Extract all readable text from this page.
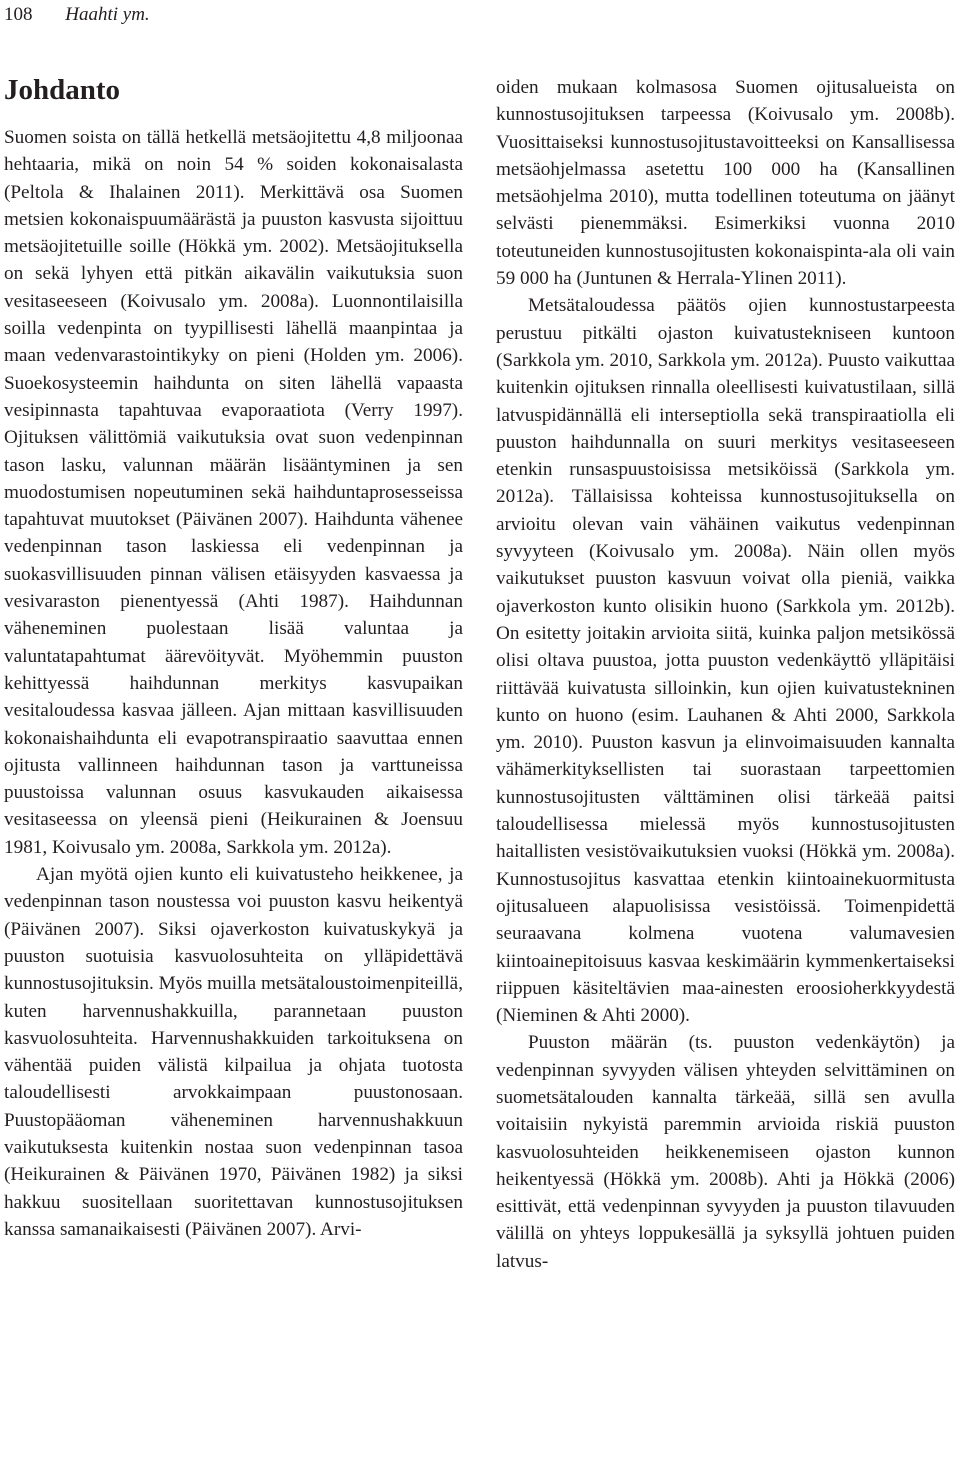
108 Haahti ym.
Johdanto

Suomen soista on tällä hetkellä metsäojitettu 4,8 miljoonaa hehtaaria, mikä on noin 54 % soiden kokonaisalasta (Peltola & Ihalainen 2011). Merkittävä osa Suomen metsien kokonaispuumäärästä ja puuston kasvusta sijoittuu metsäojitetuille soille (Hökkä ym. 2002). Metsäojituksella on sekä lyhyen että pitkän aikavälin vaikutuksia suon vesitaseeseen (Koivusalo ym. 2008a). Luonnontilaisilla soilla vedenpinta on tyypillisesti lähellä maanpintaa ja maan vedenvarastointikyky on pieni (Holden ym. 2006). Suoekosysteemin haihdunta on siten lähellä vapaasta vesipinnasta tapahtuvaa evaporaatiota (Verry 1997). Ojituksen välittömiä vaikutuksia ovat suon vedenpinnan tason lasku, valunnan määrän lisääntyminen ja sen muodostumisen nopeutuminen sekä haihduntaprosesseissa tapahtuvat muutokset (Päivänen 2007). Haihdunta vähenee vedenpinnan tason laskiessa eli vedenpinnan ja suokasvillisuuden pinnan välisen etäisyyden kasvaessa ja vesivaraston pienentyessä (Ahti 1987). Haihdunnan väheneminen puolestaan lisää valuntaa ja valuntatapahtumat äärevöityvät. Myöhemmin puuston kehittyessä haihdunnan merkitys kasvupaikan vesitaloudessa kasvaa jälleen. Ajan mittaan kasvillisuuden kokonaishaihdunta eli evapotranspiraatio saavuttaa ennen ojitusta vallinneen haihdunnan tason ja varttuneissa puustoissa valunnan osuus kasvukauden aikaisessa vesitaseessa on yleensä pieni (Heikurainen & Joensuu 1981, Koivusalo ym. 2008a, Sarkkola ym. 2012a).

Ajan myötä ojien kunto eli kuivatusteho heikkenee, ja vedenpinnan tason noustessa voi puuston kasvu heikentyä (Päivänen 2007). Siksi ojaverkoston kuivatuskykyä ja puuston suotuisia kasvuolosuhteita on ylläpidettävä kunnostusojituksin. Myös muilla metsätaloustoimenpiteillä, kuten harvennushakkuilla, parannetaan puuston kasvuolosuhteita. Harvennushakkuiden tarkoituksena on vähentää puiden välistä kilpailua ja ohjata tuotosta taloudellisesti arvokkaimpaan puustonosaan. Puustopääoman väheneminen harvennushakkuun vaikutuksesta kuitenkin nostaa suon vedenpinnan tasoa (Heikurainen & Päivänen 1970, Päivänen 1982) ja siksi hakkuu suositellaan suoritettavan kunnostusojituksen kanssa samanaikaisesti (Päivänen 2007). Arvi-

oiden mukaan kolmasosa Suomen ojitusalueista on kunnostusojituksen tarpeessa (Koivusalo ym. 2008b). Vuosittaiseksi kunnostusojitustavoitteeksi on Kansallisessa metsäohjelmassa asetettu 100 000 ha (Kansallinen metsäohjelma 2010), mutta todellinen toteutuma on jäänyt selvästi pienemmäksi. Esimerkiksi vuonna 2010 toteutuneiden kunnostusojitusten kokonaispinta-ala oli vain 59 000 ha (Juntunen & Herrala-Ylinen 2011).

Metsätaloudessa päätös ojien kunnostustarpeesta perustuu pitkälti ojaston kuivatustekniseen kuntoon (Sarkkola ym. 2010, Sarkkola ym. 2012a). Puusto vaikuttaa kuitenkin ojituksen rinnalla oleellisesti kuivatustilaan, sillä latvuspidännällä eli interseptiolla sekä transpiraatiolla eli puuston haihdunnalla on suuri merkitys vesitaseeseen etenkin runsaspuustoisissa metsiköissä (Sarkkola ym. 2012a). Tällaisissa kohteissa kunnostusojituksella on arvioitu olevan vain vähäinen vaikutus vedenpinnan syvyyteen (Koivusalo ym. 2008a). Näin ollen myös vaikutukset puuston kasvuun voivat olla pieniä, vaikka ojaverkoston kunto olisikin huono (Sarkkola ym. 2012b). On esitetty joitakin arvioita siitä, kuinka paljon metsikössä olisi oltava puustoa, jotta puuston vedenkäyttö ylläpitäisi riittävää kuivatusta silloinkin, kun ojien kuivatustekninen kunto on huono (esim. Lauhanen & Ahti 2000, Sarkkola ym. 2010). Puuston kasvun ja elinvoimaisuuden kannalta vähämerkityksellisten tai suorastaan tarpeettomien kunnostusojitusten välttäminen olisi tärkeää paitsi taloudellisessa mielessä myös kunnostusojitusten haitallisten vesistövaikutuksien vuoksi (Hökkä ym. 2008a). Kunnostusojitus kasvattaa etenkin kiintoainekuormitusta ojitusalueen alapuolisissa vesistöissä. Toimenpidettä seuraavana kolmena vuotena valumavesien kiintoainepitoisuus kasvaa keskimäärin kymmenkertaiseksi riippuen käsiteltävien maa-ainesten eroosioherkkyydestä (Nieminen & Ahti 2000).

Puuston määrän (ts. puuston vedenkäytön) ja vedenpinnan syvyyden välisen yhteyden selvittäminen on suometsätalouden kannalta tärkeää, sillä sen avulla voitaisiin nykyistä paremmin arvioida riskiä puuston kasvuolosuhteiden heikkenemiseen ojaston kunnon heikentyessä (Hökkä ym. 2008b). Ahti ja Hökkä (2006) esittivät, että vedenpinnan syvyyden ja puuston tilavuuden välillä on yhteys loppukesällä ja syksyllä johtuen puiden latvus-
